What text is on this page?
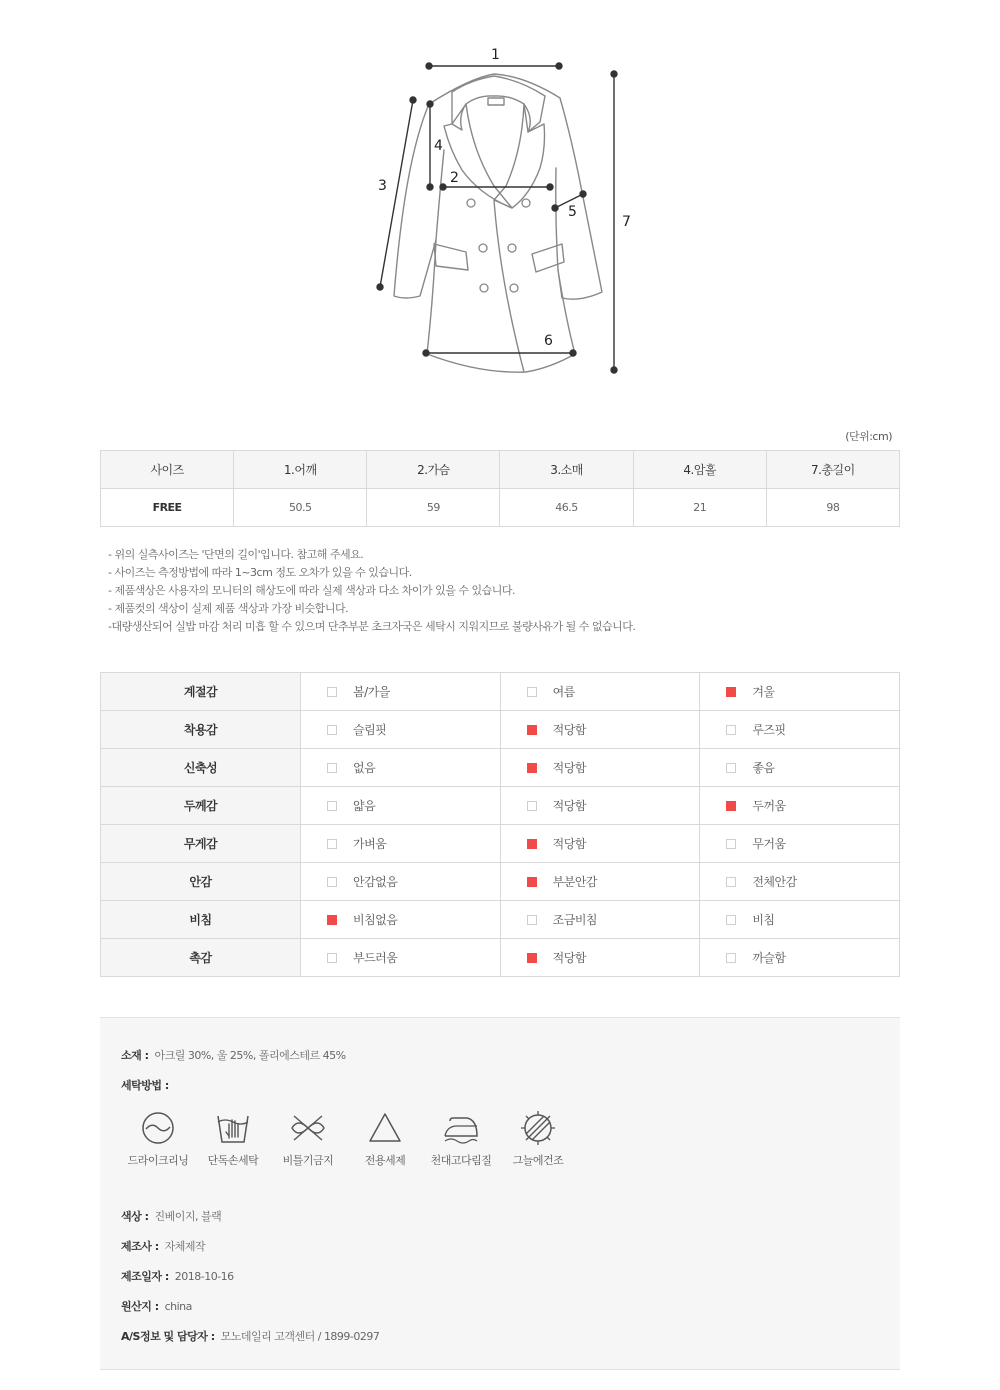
1
2
3
4
5
6
7
(단위:cm)
사이즈	1.어깨	2.가슴	3.소매	4.암홀	7.총길이
FREE	50.5	59	46.5	21	98
- 위의 실측사이즈는 '단면의 길이'입니다. 참고해 주세요.
- 사이즈는 측정방법에 따라 1~3cm 정도 오차가 있을 수 있습니다.
- 제품색상은 사용자의 모니터의 해상도에 따라 실제 색상과 다소 차이가 있을 수 있습니다.
- 제품컷의 색상이 실제 제품 색상과 가장 비슷합니다.
-대량생산되어 실밥 마감 처리 미흡 할 수 있으며 단추부분 초크자국은 세탁시 지워지므로 불량사유가 될 수 없습니다.
계절감	봄/가을	여름	겨울
착용감	슬림핏	적당함	루즈핏
신축성	없음	적당함	좋음
두께감	얇음	적당함	두꺼움
무게감	가벼움	적당함	무거움
안감	안감없음	부분안감	전체안감
비침	비침없음	조금비침	비침
촉감	부드러움	적당함	까슬함
소재 : 아크릴 30%, 울 25%, 폴리에스테르 45%
세탁방법 :
드라이크리닝	단독손세탁	비틀기금지	전용세제	천대고다림질	그늘에건조
색상 : 진베이지, 블랙
제조사 : 자체제작
제조일자 : 2018-10-16
원산지 : china
A/S정보 및 담당자 : 모노데일리 고객센터 / 1899-0297
